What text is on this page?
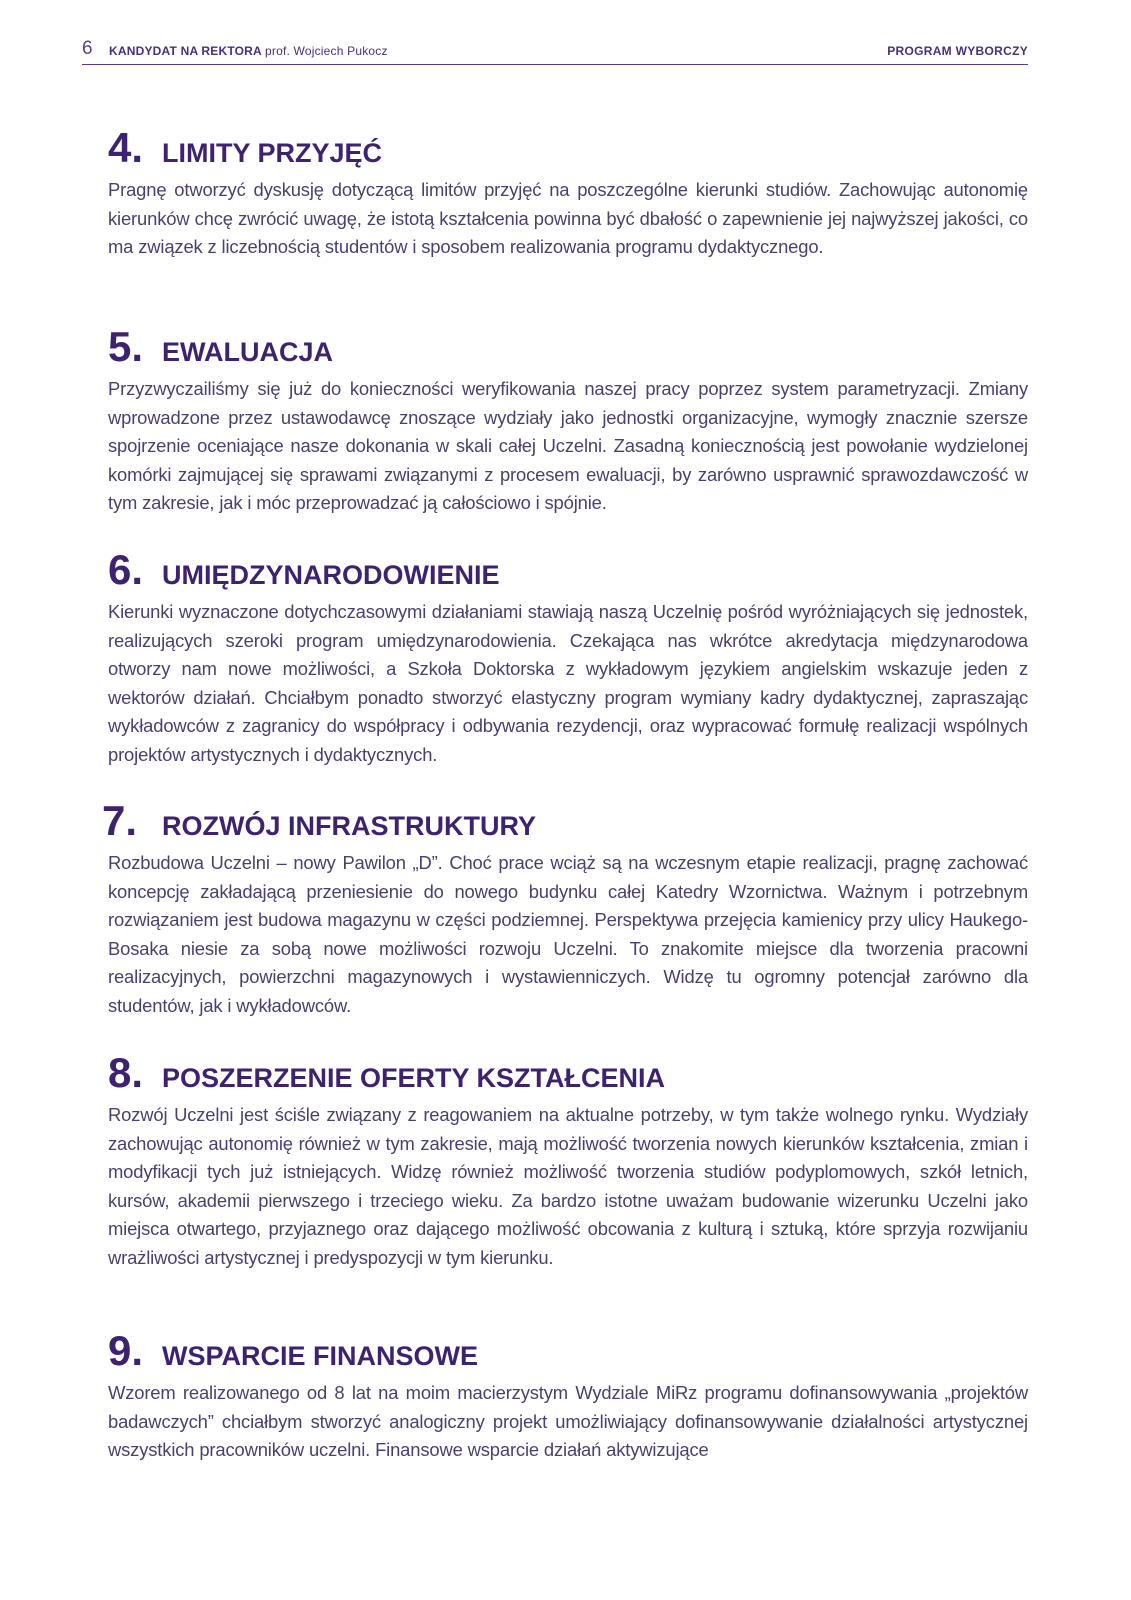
6 KANDYDAT NA REKTORA prof. Wojciech Pukocz	PROGRAM WYBORCZY
4. LIMITY PRZYJĘĆ

Pragnę otworzyć dyskusję dotyczącą limitów przyjęć na poszczególne kierunki studiów. Zachowując autonomię kierunków chcę zwrócić uwagę, że istotą kształcenia powinna być dbałość o zapewnienie jej najwyższej jakości, co ma związek z liczebnością studentów i sposobem realizowania programu dydaktycznego.

5. EWALUACJA

Przyzwyczailiśmy się już do konieczności weryfikowania naszej pracy poprzez system parametryzacji. Zmiany wprowadzone przez ustawodawcę znoszące wydziały jako jednostki organizacyjne, wymogły znacznie szersze spojrzenie oceniające nasze dokonania w skali całej Uczelni. Zasadną koniecznością jest powołanie wydzielonej komórki zajmującej się sprawami związanymi z procesem ewaluacji, by zarówno usprawnić sprawozdawczość w tym zakresie, jak i móc przeprowadzać ją całościowo i spójnie.

6. UMIĘDZYNARODOWIENIE

Kierunki wyznaczone dotychczasowymi działaniami stawiają naszą Uczelnię pośród wyróżniających się jednostek, realizujących szeroki program umiędzynarodowienia. Czekająca nas wkrótce akredytacja międzynarodowa otworzy nam nowe możliwości, a Szkoła Doktorska z wykładowym językiem angielskim wskazuje jeden z wektorów działań. Chciałbym ponadto stworzyć elastyczny program wymiany kadry dydaktycznej, zapraszając wykładowców z zagranicy do współpracy i odbywania rezydencji, oraz wypracować formułę realizacji wspólnych projektów artystycznych i dydaktycznych.

7. ROZWÓJ INFRASTRUKTURY

Rozbudowa Uczelni – nowy Pawilon „D”. Choć prace wciąż są na wczesnym etapie realizacji, pragnę zachować koncepcję zakładającą przeniesienie do nowego budynku całej Katedry Wzornictwa. Ważnym i potrzebnym rozwiązaniem jest budowa magazynu w części podziemnej. Perspektywa przejęcia kamienicy przy ulicy Haukego-Bosaka niesie za sobą nowe możliwości rozwoju Uczelni. To znakomite miejsce dla tworzenia pracowni realizacyjnych, powierzchni magazynowych i wystawienniczych. Widzę tu ogromny potencjał zarówno dla studentów, jak i wykładowców.

8. POSZERZENIE OFERTY KSZTAŁCENIA

Rozwój Uczelni jest ściśle związany z reagowaniem na aktualne potrzeby, w tym także wolnego rynku. Wydziały zachowując autonomię również w tym zakresie, mają możliwość tworzenia nowych kierunków kształcenia, zmian i modyfikacji tych już istniejących. Widzę również możliwość tworzenia studiów podyplomowych, szkół letnich, kursów, akademii pierwszego i trzeciego wieku. Za bardzo istotne uważam budowanie wizerunku Uczelni jako miejsca otwartego, przyjaznego oraz dającego możliwość obcowania z kulturą i sztuką, które sprzyja rozwijaniu wrażliwości artystycznej i predyspozycji w tym kierunku.

9. WSPARCIE FINANSOWE

Wzorem realizowanego od 8 lat na moim macierzystym Wydziale MiRz programu dofinansowywania „projektów badawczych” chciałbym stworzyć analogiczny projekt umożliwiający dofinansowywanie działalności artystycznej wszystkich pracowników uczelni. Finansowe wsparcie działań aktywizujące
